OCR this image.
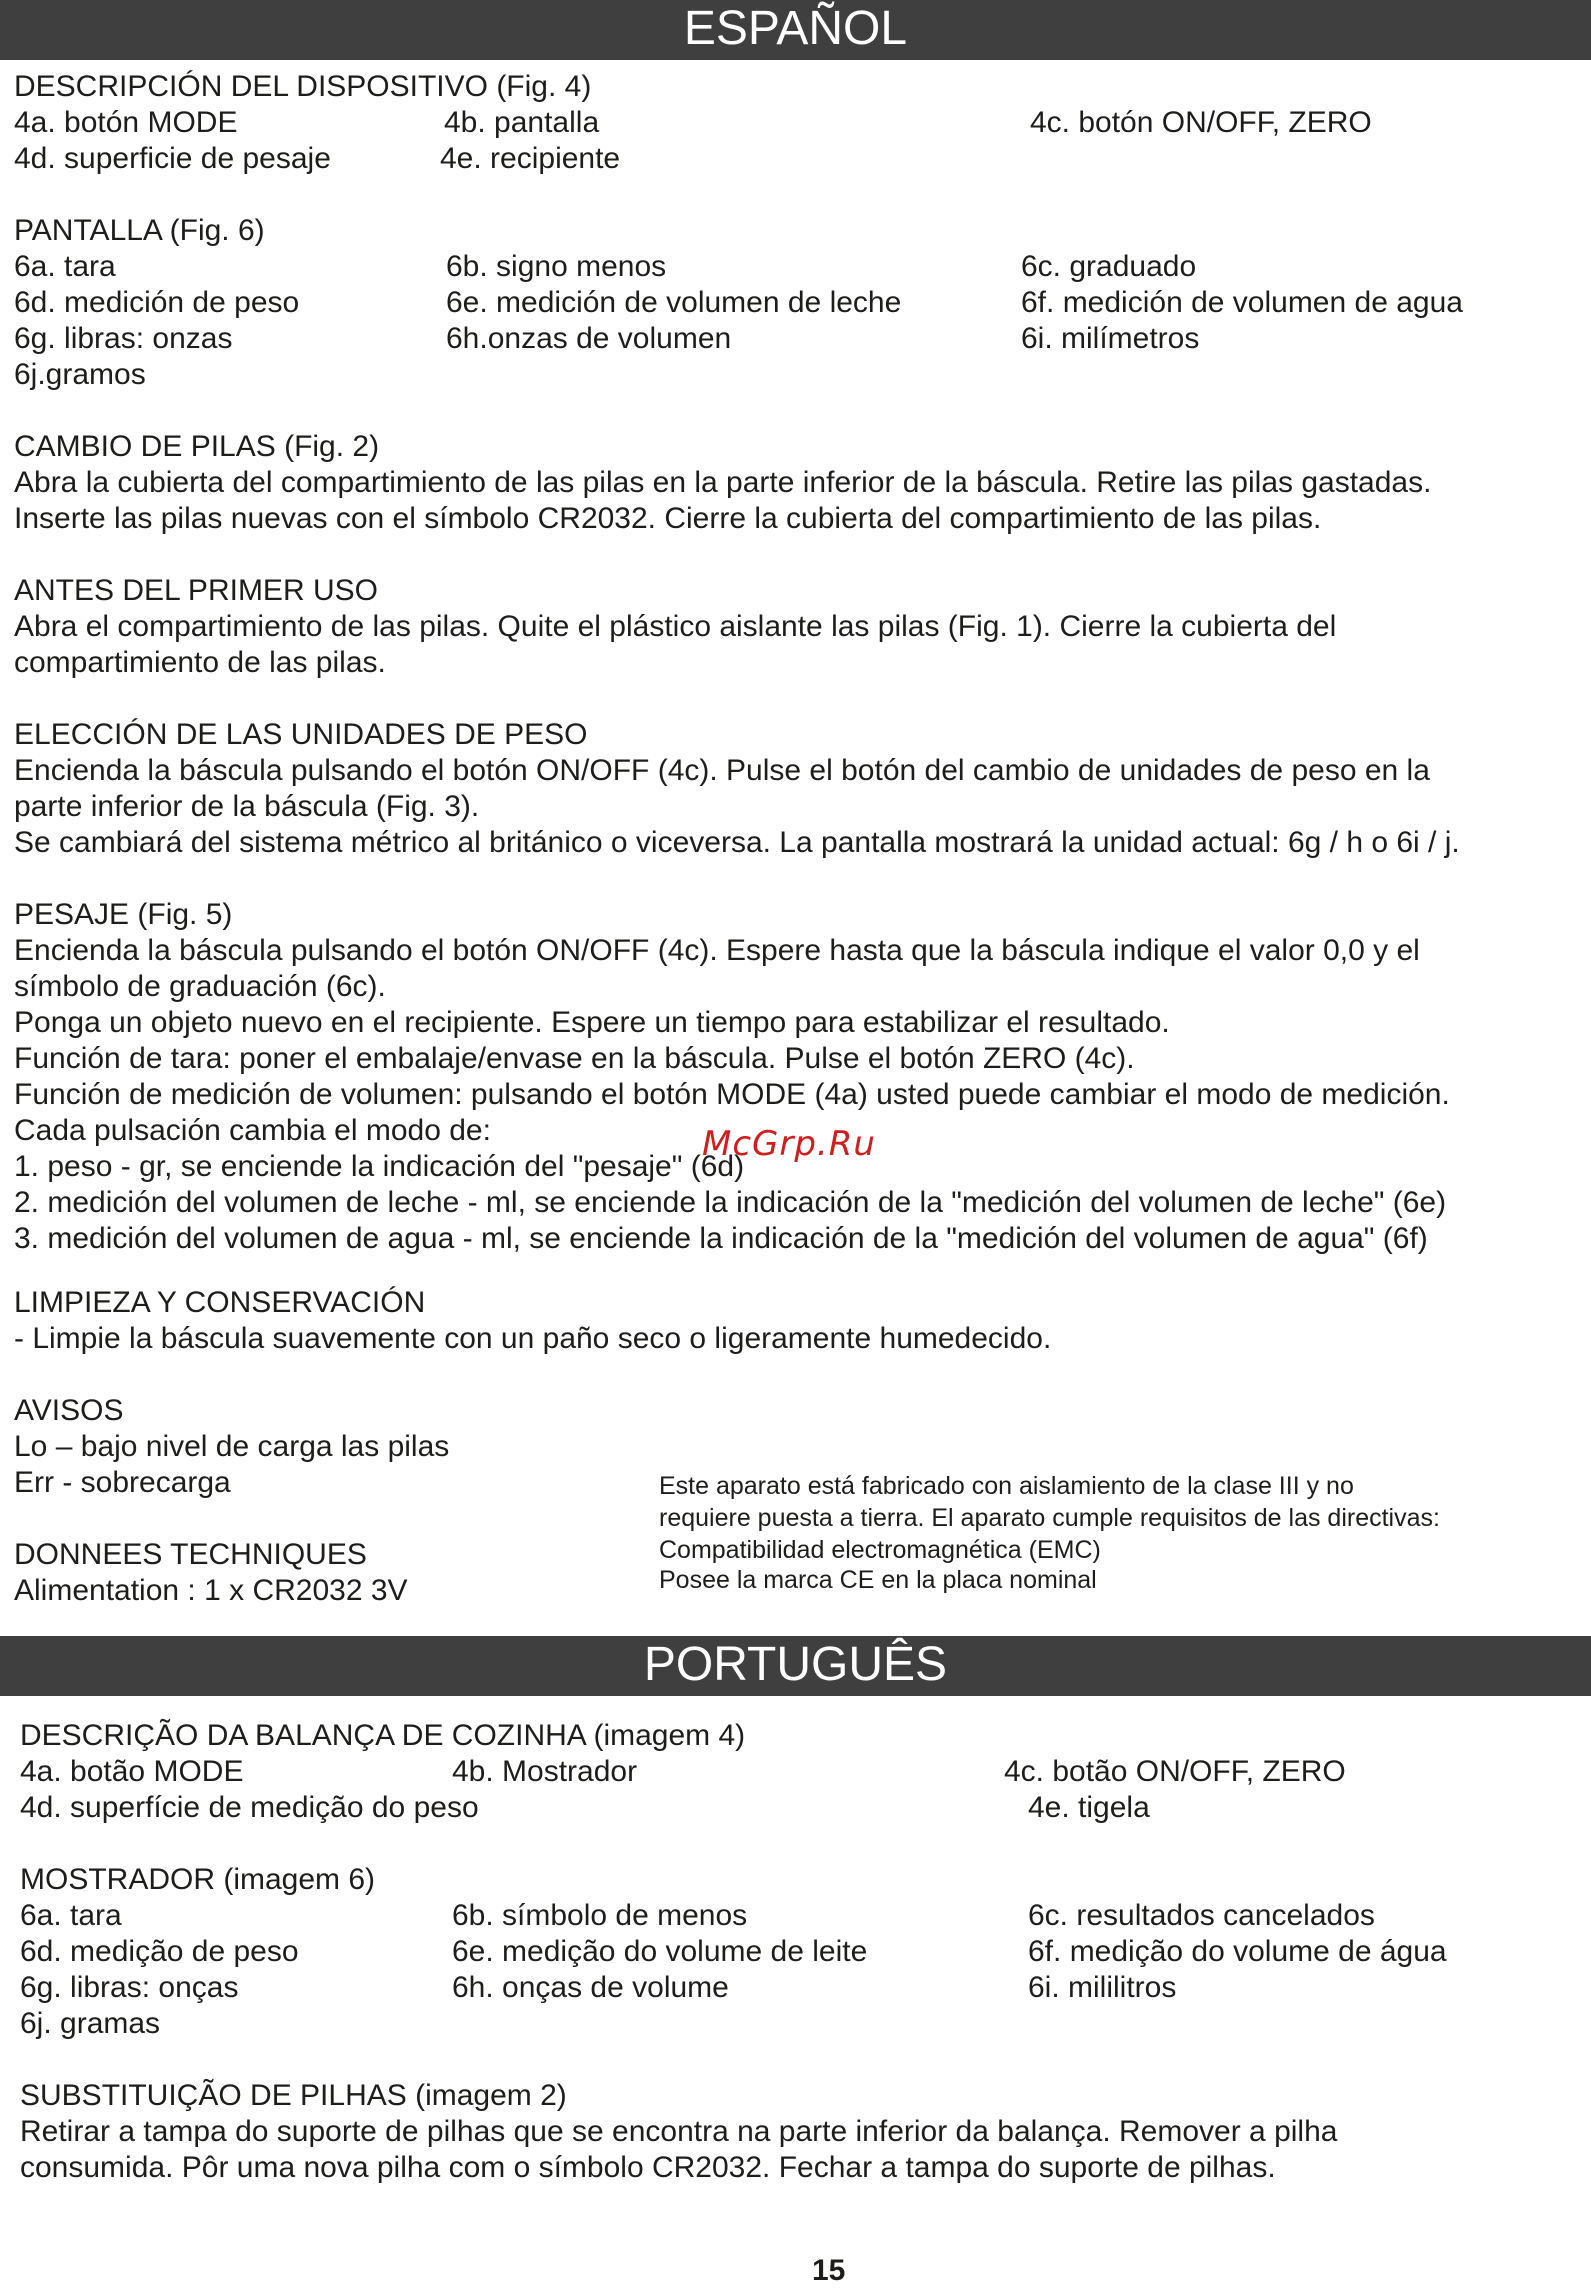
ESPAÑOL
DESCRIPCIÓN DEL DISPOSITIVO (Fig. 4)
4a. botón MODE	4b. pantalla	4c. botón ON/OFF, ZERO
4d. superficie de pesaje	4e. recipiente
PANTALLA (Fig. 6)
6a. tara	6b. signo menos	6c. graduado
6d. medición de peso	6e. medición de volumen de leche	6f. medición de volumen de agua
6g. libras: onzas	6h.onzas de volumen	6i. milímetros
6j.gramos
CAMBIO DE PILAS (Fig. 2)
Abra la cubierta del compartimiento de las pilas en la parte inferior de la báscula. Retire las pilas gastadas.
Inserte las pilas nuevas con el símbolo CR2032. Cierre la cubierta del compartimiento de las pilas.
ANTES DEL PRIMER USO
Abra el compartimiento de las pilas. Quite el plástico aislante las pilas (Fig. 1). Cierre la cubierta del
compartimiento de las pilas.
ELECCIÓN DE LAS UNIDADES DE PESO
Encienda la báscula pulsando el botón ON/OFF (4c). Pulse el botón del cambio de unidades de peso en la
parte inferior de la báscula (Fig. 3).
Se cambiará del sistema métrico al británico o viceversa. La pantalla mostrará la unidad actual: 6g / h o 6i / j.
PESAJE (Fig. 5)
Encienda la báscula pulsando el botón ON/OFF (4c). Espere hasta que la báscula indique el valor 0,0 y el
símbolo de graduación (6c).
Ponga un objeto nuevo en el recipiente. Espere un tiempo para estabilizar el resultado.
Función de tara: poner el embalaje/envase en la báscula. Pulse el botón ZERO (4c).
Función de medición de volumen: pulsando el botón MODE (4a) usted puede cambiar el modo de medición.
Cada pulsación cambia el modo de:
1. peso - gr, se enciende la indicación del "pesaje" (6d)
2. medición del volumen de leche - ml, se enciende la indicación de la "medición del volumen de leche" (6e)
3. medición del volumen de agua - ml, se enciende la indicación de la "medición del volumen de agua" (6f)
LIMPIEZA Y CONSERVACIÓN
- Limpie la báscula suavemente con un paño seco o ligeramente humedecido.
AVISOS
Lo – bajo nivel de carga las pilas
Err - sobrecarga
DONNEES TECHNIQUES
Alimentation : 1 x CR2032 3V
Este aparato está fabricado con aislamiento de la clase III y no
requiere puesta a tierra. El aparato cumple requisitos de las directivas:
Compatibilidad electromagnética (EMC)
Posee la marca CE en la placa nominal
PORTUGUÊS
DESCRIÇÃO DA BALANÇA DE COZINHA (imagem 4)
4a. botão MODE	4b. Mostrador	4c. botão ON/OFF, ZERO
4d. superfície de medição do peso	4e. tigela
MOSTRADOR (imagem 6)
6a. tara	6b. símbolo de menos	6c. resultados cancelados
6d. medição de peso	6e. medição do volume de leite	6f. medição do volume de água
6g. libras: onças	6h. onças de volume	6i. mililitros
6j. gramas
SUBSTITUIÇÃO DE PILHAS (imagem 2)
Retirar a tampa do suporte de pilhas que se encontra na parte inferior da balança. Remover a pilha
consumida. Pôr uma nova pilha com o símbolo CR2032. Fechar a tampa do suporte de pilhas.
McGrp.Ru
15
